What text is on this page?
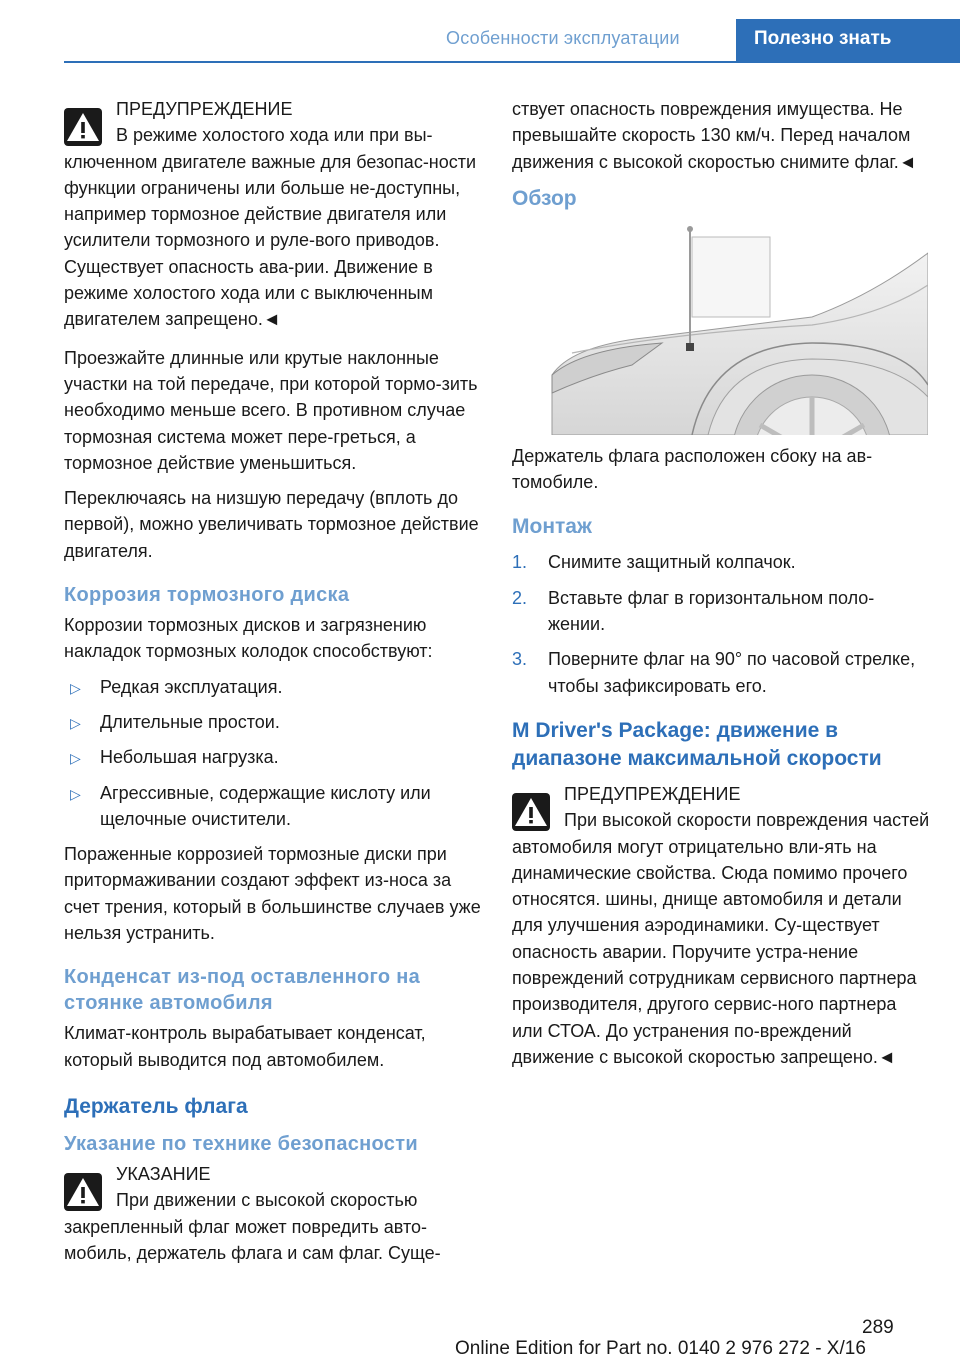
Особенности эксплуатации	Полезно знать

ПРЕДУПРЕЖДЕНИЕ

В режиме холостого хода или при вы-ключенном двигателе важные для безопас-ности функции ограничены или больше не-доступны, например тормозное действие двигателя или усилители тормозного и руле-вого приводов. Существует опасность ава-рии. Движение в режиме холостого хода или с выключенным двигателем запрещено.◄

Проезжайте длинные или крутые наклонные участки на той передаче, при которой тормо-зить необходимо меньше всего. В противном случае тормозная система может пере-греться, а тормозное действие уменьшиться.

Переключаясь на низшую передачу (вплоть до первой), можно увеличивать тормозное действие двигателя.

Коррозия тормозного диска

Коррозии тормозных дисков и загрязнению накладок тормозных колодок способствуют:

▷ Редкая эксплуатация.
▷ Длительные простои.
▷ Небольшая нагрузка.
▷ Агрессивные, содержащие кислоту или щелочные очистители.

Пораженные коррозией тормозные диски при притормаживании создают эффект из-носа за счет трения, который в большинстве случаев уже нельзя устранить.

Конденсат из-под оставленного на стоянке автомобиля

Климат-контроль вырабатывает конденсат, который выводится под автомобилем.

Держатель флага
Указание по технике безопасности

УКАЗАНИЕ

При движении с высокой скоростью закрепленный флаг может повредить авто-мобиль, держатель флага и сам флаг. Суще-

ствует опасность повреждения имущества. Не превышайте скорость 130 км/ч. Перед началом движения с высокой скоростью снимите флаг.◄

Обзор

Держатель флага расположен сбоку на ав-томобиле.

Монтаж
1. Снимите защитный колпачок.
2. Вставьте флаг в горизонтальном поло-жении.
3. Поверните флаг на 90° по часовой стрелке, чтобы зафиксировать его.
M Driver's Package: движение в диапазоне максимальной скорости

ПРЕДУПРЕЖДЕНИЕ

При высокой скорости повреждения частей автомобиля могут отрицательно вли-ять на динамические свойства. Сюда помимо прочего относятся. шины, днище автомобиля и детали для улучшения аэродинамики. Су-ществует опасность аварии. Поручите устра-нение повреждений сотрудникам сервисного партнера производителя, другого сервис-ного партнера или СТОА. До устранения по-вреждений движение с высокой скоростью запрещено.◄

289
Online Edition for Part no. 0140 2 976 272 - X/16
